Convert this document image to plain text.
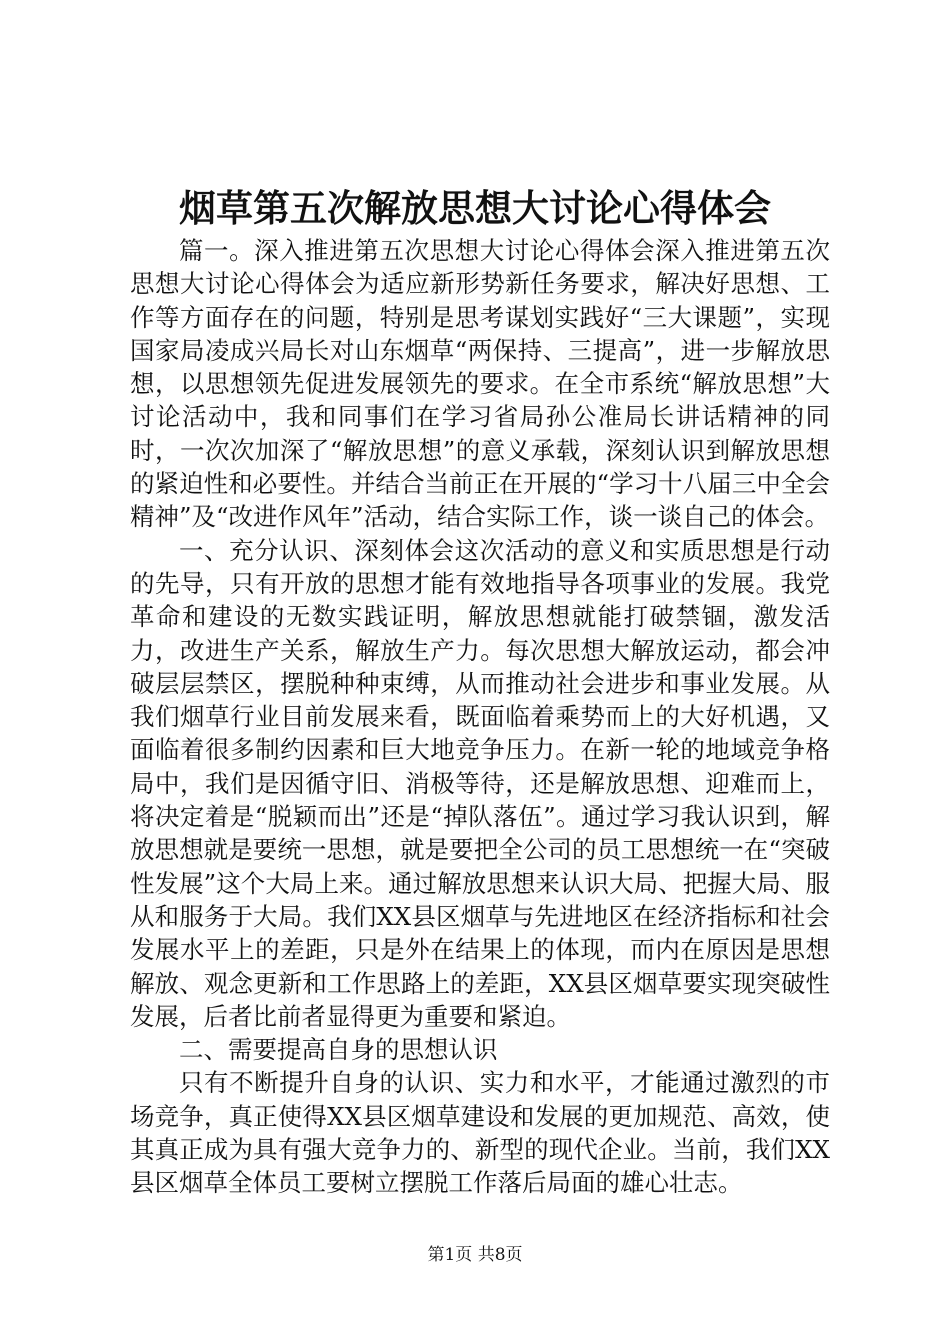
烟草第五次解放思想大讨论心得体会

篇一。深入推进第五次思想大讨论心得体会深入推进第五次思想大讨论心得体会为适应新形势新任务要求，解决好思想、工作等方面存在的问题，特别是思考谋划实践好“三大课题”，实现国家局凌成兴局长对山东烟草“两保持、三提高”，进一步解放思想，以思想领先促进发展领先的要求。在全市系统“解放思想”大讨论活动中，我和同事们在学习省局孙公准局长讲话精神的同时，一次次加深了“解放思想”的意义承载，深刻认识到解放思想的紧迫性和必要性。并结合当前正在开展的“学习十八届三中全会精神”及“改进作风年”活动，结合实际工作，谈一谈自己的体会。

一、充分认识、深刻体会这次活动的意义和实质思想是行动的先导，只有开放的思想才能有效地指导各项事业的发展。我党革命和建设的无数实践证明，解放思想就能打破禁锢，激发活力，改进生产关系，解放生产力。每次思想大解放运动，都会冲破层层禁区，摆脱种种束缚，从而推动社会进步和事业发展。从我们烟草行业目前发展来看，既面临着乘势而上的大好机遇，又面临着很多制约因素和巨大地竞争压力。在新一轮的地域竞争格局中，我们是因循守旧、消极等待，还是解放思想、迎难而上，将决定着是“脱颖而出”还是“掉队落伍”。通过学习我认识到，解放思想就是要统一思想，就是要把全公司的员工思想统一在“突破性发展”这个大局上来。通过解放思想来认识大局、把握大局、服从和服务于大局。我们XX县区烟草与先进地区在经济指标和社会发展水平上的差距，只是外在结果上的体现，而内在原因是思想解放、观念更新和工作思路上的差距，XX县区烟草要实现突破性发展，后者比前者显得更为重要和紧迫。

二、需要提高自身的思想认识

只有不断提升自身的认识、实力和水平，才能通过激烈的市场竞争，真正使得XX县区烟草建设和发展的更加规范、高效，使其真正成为具有强大竞争力的、新型的现代企业。当前，我们XX县区烟草全体员工要树立摆脱工作落后局面的雄心壮志。

第1页 共8页
